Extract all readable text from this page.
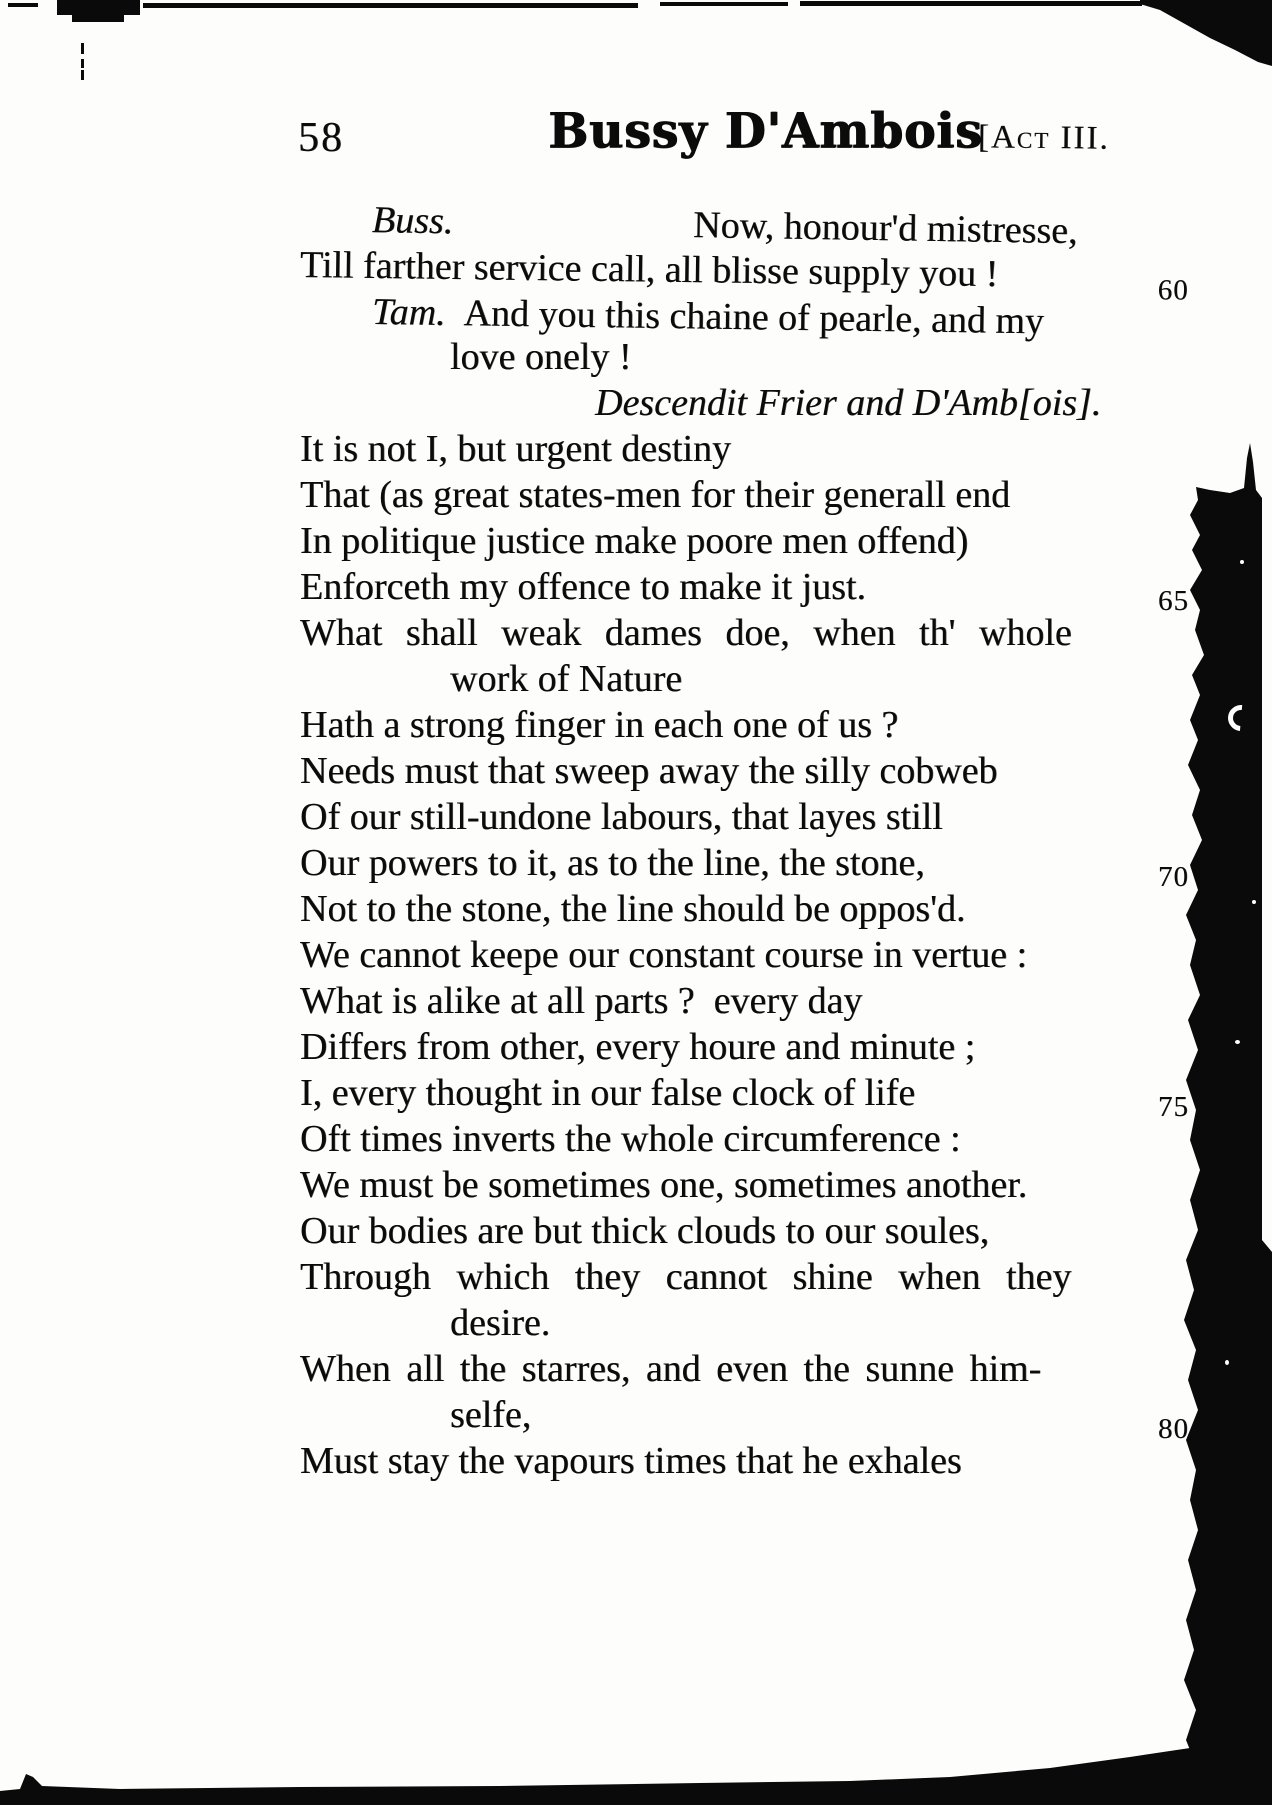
58	Bussy D'Ambois
[Act III.
Buss.	Now, honour'd mistresse,
Till farther service call, all blisse supply you !	60
Tam. And you this chaine of pearle, and my
love onely !
Descendit Frier and D'Amb[ois].
It is not I, but urgent destiny
That (as great states-men for their generall end
In politique justice make poore men offend)
Enforceth my offence to make it just.	65
What shall weak dames doe, when th' whole
work of Nature
Hath a strong finger in each one of us ?
Needs must that sweep away the silly cobweb
Of our still-undone labours, that layes still
Our powers to it, as to the line, the stone,	70
Not to the stone, the line should be oppos'd.
We cannot keepe our constant course in vertue :
What is alike at all parts ?  every day
Differs from other, every houre and minute ;
I, every thought in our false clock of life	75
Oft times inverts the whole circumference :
We must be sometimes one, sometimes another.
Our bodies are but thick clouds to our soules,
Through which they cannot shine when they
desire.
When all the starres, and even the sunne him-
selfe,	80
Must stay the vapours times that he exhales
